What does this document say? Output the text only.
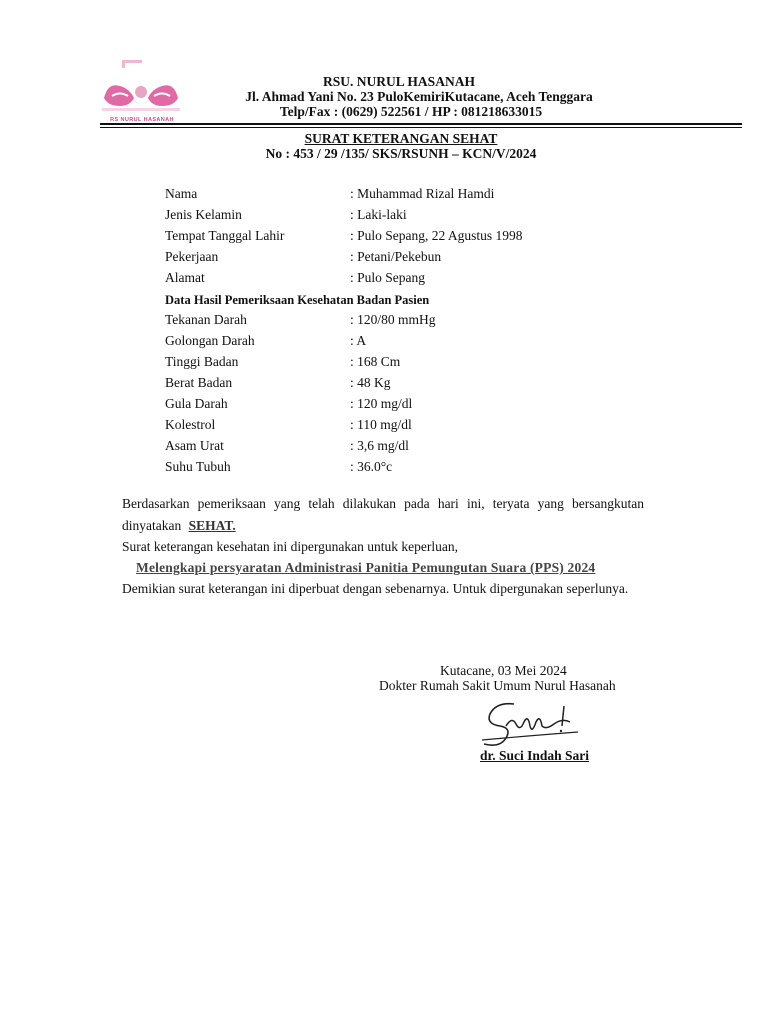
RS NURUL HASANAH
RSU. NURUL HASANAH
Jl. Ahmad Yani No. 23 PuloKemiriKutacane, Aceh Tenggara
Telp/Fax : (0629) 522561 / HP : 081218633015
SURAT KETERANGAN SEHAT
No : 453 / 29 /135/ SKS/RSUNH – KCN/V/2024
Nama	: Muhammad Rizal Hamdi
Jenis Kelamin	: Laki-laki
Tempat Tanggal Lahir	: Pulo Sepang, 22 Agustus 1998
Pekerjaan	: Petani/Pekebun
Alamat	: Pulo Sepang
Data Hasil Pemeriksaan Kesehatan Badan Pasien
Tekanan Darah	: 120/80 mmHg
Golongan Darah	: A
Tinggi Badan	: 168 Cm
Berat Badan	: 48 Kg
Gula Darah	: 120 mg/dl
Kolestrol	: 110 mg/dl
Asam Urat	: 3,6 mg/dl
Suhu Tubuh	: 36.0°c
Berdasarkan pemeriksaan yang telah dilakukan pada hari ini, teryata yang bersangkutan dinyatakan SEHAT.
Surat keterangan kesehatan ini dipergunakan untuk keperluan,
Melengkapi persyaratan Administrasi Panitia Pemungutan Suara (PPS) 2024
Demikian surat keterangan ini diperbuat dengan sebenarnya. Untuk dipergunakan seperlunya.
Kutacane, 03 Mei 2024
Dokter Rumah Sakit Umum Nurul Hasanah
dr. Suci Indah Sari
